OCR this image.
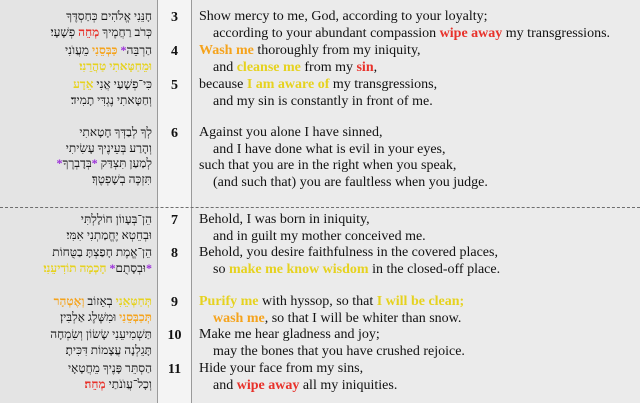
חָנֵּנִי אֱלֹהִים כְּחַסְדֶּךָ
כְּרֹב רַחֲמֶיךָ מְחֵה פְשָׁעָי׃
3	Show mercy to me, God, according to your loyalty;
according to your abundant compassion wipe away my transgressions.
הַרְבֵּה* כַּבְּסֵנִי מֵעֲוֺנִי
וּמֵחַטָּאתִי טַהֲרֵנִי׃
4	Wash me thoroughly from my iniquity,
and cleanse me from my sin,
כִּי־פְשָׁעַי אֲנִי אֵדָע
וְחַטָּאתִי נֶגְדִּי תָמִיד׃
5	because I am aware of my transgressions,
and my sin is constantly in front of me.
לְךָ לְבַדְּךָ חָטָאתִי
וְהָרַע בְּעֵינֶיךָ עָשִׂיתִי
לְמַעַן תִּצְדַּק *בְּדָבְרֶךָ*
תִּזְכֶּה בְשָׁפְטֶךָ׃
6	Against you alone I have sinned,
and I have done what is evil in your eyes,
such that you are in the right when you speak,
(and such that) you are faultless when you judge.
הֵן־בְּעָווֹן חוֹלָלְתִּי
וּבְחֵטְא יֶחֱמַתְנִי אִמִּי׃
7	Behold, I was born in iniquity,
and in guilt my mother conceived me.
הֵן־אֱמֶת חָפַצְתָּ בַטֻּחוֹת
*וּבְסָתֻם* חָכְמָה תוֹדִיעֵנִי׃
8	Behold, you desire faithfulness in the covered places,
so make me know wisdom in the closed-off place.
תְּחַטְּאֵנִי בְאֵזוֹב וְאֶטְהָר
תְּכַבְּסֵנִי וּמִשֶּׁלֶג אַלְבִּין׃
9	Purify me with hyssop, so that I will be clean;
wash me, so that I will be whiter than snow.
תַּשְׁמִיעֵנִי שָׂשׂוֹן וְשִׂמְחָה
תָּגֵלְנָה עֲצָמוֹת דִּכִּיתָ׃
10	Make me hear gladness and joy;
may the bones that you have crushed rejoice.
הַסְתֵּר פָּנֶיךָ מֵחֲטָאָי
וְכָל־עֲוֺנֹתַי מְחֵה׃
11	Hide your face from my sins,
and wipe away all my iniquities.
